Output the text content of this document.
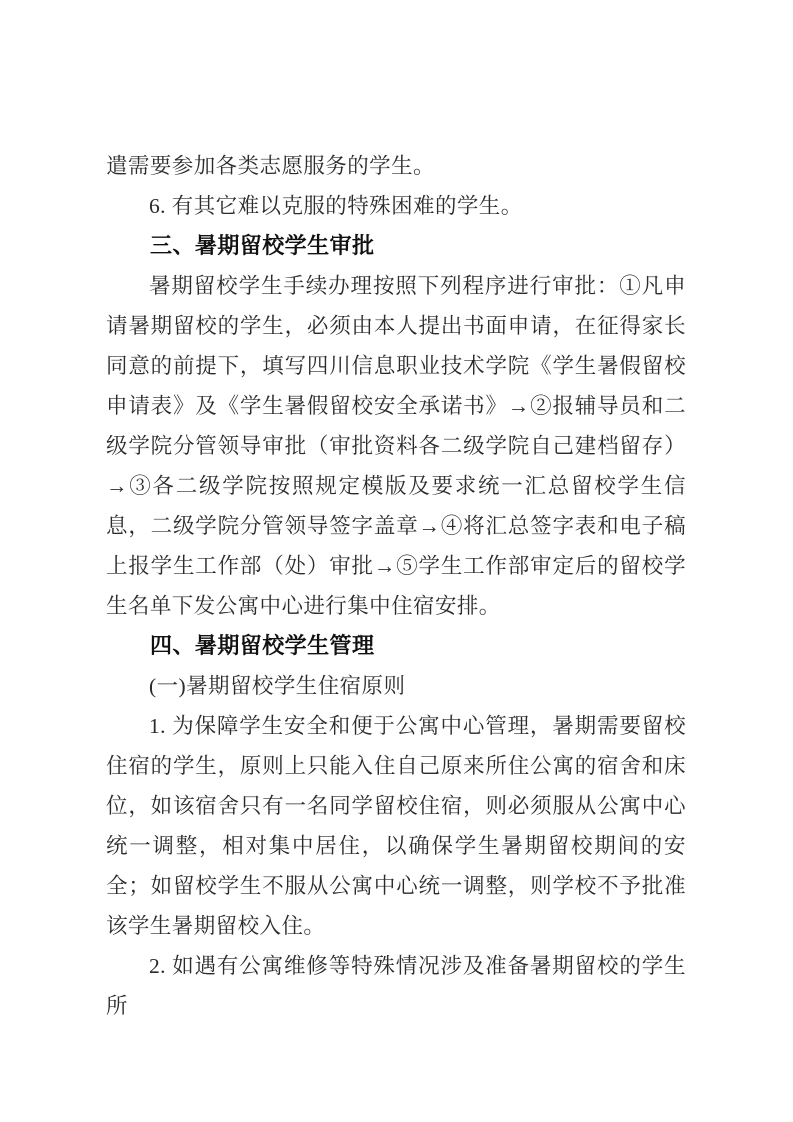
遣需要参加各类志愿服务的学生。

6. 有其它难以克服的特殊困难的学生。

三、暑期留校学生审批

暑期留校学生手续办理按照下列程序进行审批：①凡申请暑期留校的学生，必须由本人提出书面申请，在征得家长同意的前提下，填写四川信息职业技术学院《学生暑假留校申请表》及《学生暑假留校安全承诺书》→②报辅导员和二级学院分管领导审批（审批资料各二级学院自己建档留存）→③各二级学院按照规定模版及要求统一汇总留校学生信息，二级学院分管领导签字盖章→④将汇总签字表和电子稿上报学生工作部（处）审批→⑤学生工作部审定后的留校学生名单下发公寓中心进行集中住宿安排。

四、暑期留校学生管理

(一)暑期留校学生住宿原则

1. 为保障学生安全和便于公寓中心管理，暑期需要留校住宿的学生，原则上只能入住自己原来所住公寓的宿舍和床位，如该宿舍只有一名同学留校住宿，则必须服从公寓中心统一调整，相对集中居住，以确保学生暑期留校期间的安全；如留校学生不服从公寓中心统一调整，则学校不予批准该学生暑期留校入住。

2. 如遇有公寓维修等特殊情况涉及准备暑期留校的学生所
